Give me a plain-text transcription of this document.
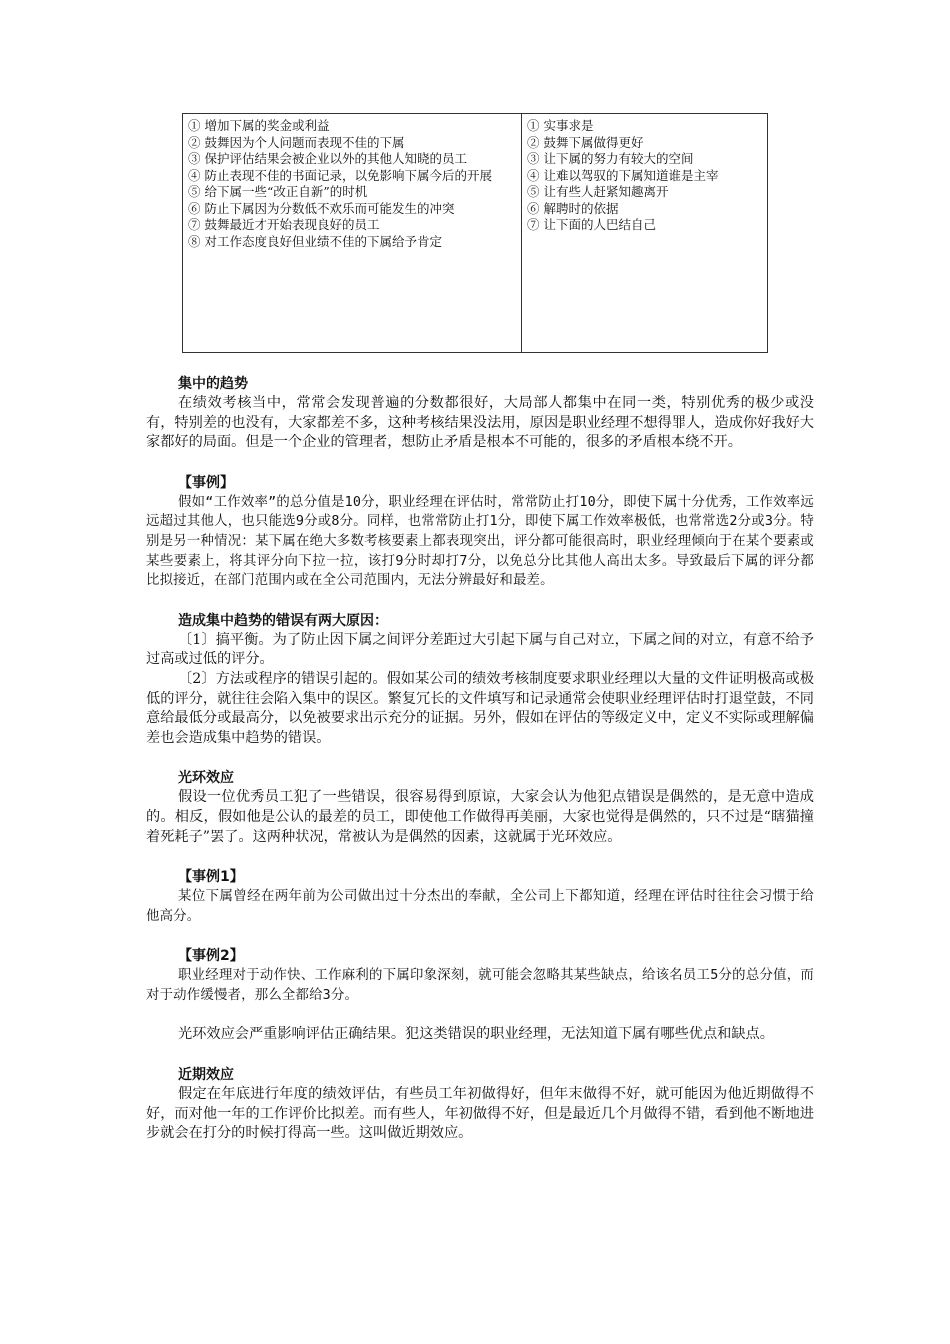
① 增加下属的奖金或利益
② 鼓舞因为个人问题而表现不佳的下属
③ 保护评估结果会被企业以外的其他人知晓的员工
④ 防止表现不佳的书面记录，以免影响下属今后的开展
⑤ 给下属一些“改正自新”的时机
⑥ 防止下属因为分数低不欢乐而可能发生的冲突
⑦ 鼓舞最近才开始表现良好的员工
⑧ 对工作态度良好但业绩不佳的下属给予肯定

① 实事求是
② 鼓舞下属做得更好
③ 让下属的努力有较大的空间
④ 让难以驾驭的下属知道谁是主宰
⑤ 让有些人赶紧知趣离开
⑥ 解聘时的依据
⑦ 让下面的人巴结自己

集中的趋势

在绩效考核当中，常常会发现普遍的分数都很好，大局部人都集中在同一类，特别优秀的极少或没有，特别差的也没有，大家都差不多，这种考核结果没法用，原因是职业经理不想得罪人，造成你好我好大家都好的局面。但是一个企业的管理者，想防止矛盾是根本不可能的，很多的矛盾根本绕不开。

【事例】

假如“工作效率”的总分值是10分，职业经理在评估时，常常防止打10分，即使下属十分优秀，工作效率远远超过其他人，也只能选9分或8分。同样，也常常防止打1分，即使下属工作效率极低，也常常选2分或3分。特别是另一种情况：某下属在绝大多数考核要素上都表现突出，评分都可能很高时，职业经理倾向于在某个要素或某些要素上，将其评分向下拉一拉，该打9分时却打7分，以免总分比其他人高出太多。导致最后下属的评分都比拟接近，在部门范围内或在全公司范围内，无法分辨最好和最差。

造成集中趋势的错误有两大原因：

〔1〕搞平衡。为了防止因下属之间评分差距过大引起下属与自己对立，下属之间的对立，有意不给予过高或过低的评分。

〔2〕方法或程序的错误引起的。假如某公司的绩效考核制度要求职业经理以大量的文件证明极高或极低的评分，就往往会陷入集中的误区。繁复冗长的文件填写和记录通常会使职业经理评估时打退堂鼓，不同意给最低分或最高分，以免被要求出示充分的证据。另外，假如在评估的等级定义中，定义不实际或理解偏差也会造成集中趋势的错误。

光环效应

假设一位优秀员工犯了一些错误，很容易得到原谅，大家会认为他犯点错误是偶然的，是无意中造成的。相反，假如他是公认的最差的员工，即使他工作做得再美丽，大家也觉得是偶然的，只不过是“瞎猫撞着死耗子”罢了。这两种状况，常被认为是偶然的因素，这就属于光环效应。

【事例1】

某位下属曾经在两年前为公司做出过十分杰出的奉献，全公司上下都知道，经理在评估时往往会习惯于给他高分。

【事例2】

职业经理对于动作快、工作麻利的下属印象深刻，就可能会忽略其某些缺点，给该名员工5分的总分值，而对于动作缓慢者，那么全都给3分。

光环效应会严重影响评估正确结果。犯这类错误的职业经理，无法知道下属有哪些优点和缺点。

近期效应

假定在年底进行年度的绩效评估，有些员工年初做得好，但年末做得不好，就可能因为他近期做得不好，而对他一年的工作评价比拟差。而有些人，年初做得不好，但是最近几个月做得不错，看到他不断地进步就会在打分的时候打得高一些。这叫做近期效应。
